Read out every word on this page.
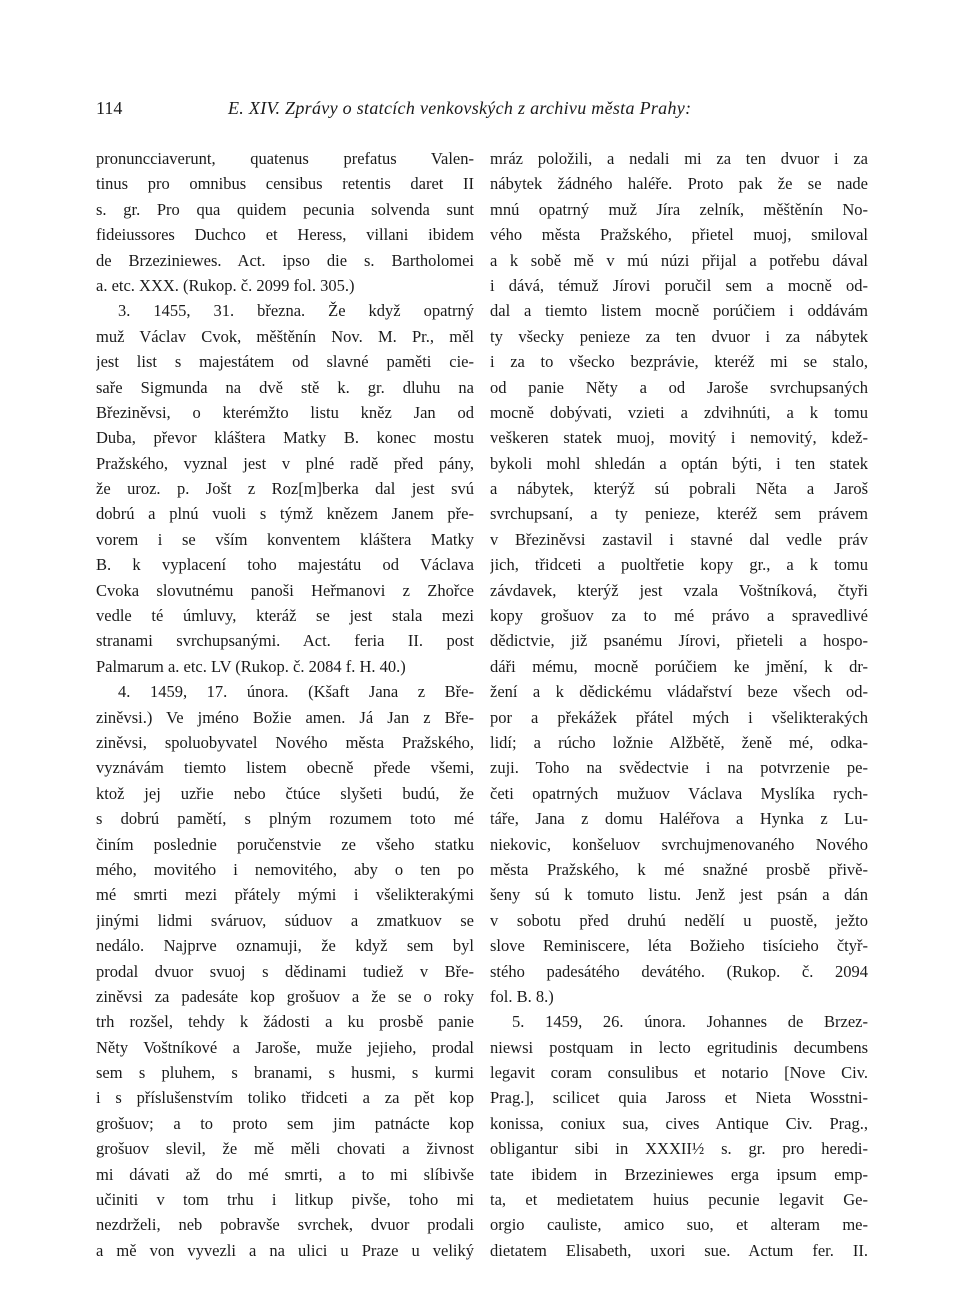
114	E. XIV. Zprávy o statcích venkovských z archivu města Prahy:
pronuncciaverunt, quatenus prefatus Valen-
tinus pro omnibus censibus retentis daret II
s. gr. Pro qua quidem pecunia solvenda sunt
fideiussores Duchco et Heress, villani ibidem
de Brzeziniewes. Act. ipso die s. Bartholomei
a. etc. XXX. (Rukop. č. 2099 fol. 305.)
3. 1455, 31. března. Že když opatrný
muž Václav Cvok, měštěnín Nov. M. Pr., měl
jest list s majestátem od slavné paměti cie-
saře Sigmunda na dvě stě k. gr. dluhu na
Březiněvsi, o kterémžto listu kněz Jan od
Duba, převor kláštera Matky B. konec mostu
Pražského, vyznal jest v plné radě před pány,
že uroz. p. Jošt z Roz[m]berka dal jest svú
dobrú a plnú vuoli s týmž knězem Janem pře-
vorem i se vším konventem kláštera Matky
B. k vyplacení toho majestátu od Václava
Cvoka slovutnému panoši Heřmanovi z Zhořce
vedle té úmluvy, kteráž se jest stala mezi
stranami svrchupsanými. Act. feria II. post
Palmarum a. etc. LV (Rukop. č. 2084 f. H. 40.)
4. 1459, 17. února. (Kšaft Jana z Bře-
ziněvsi.) Ve jméno Božie amen. Já Jan z Bře-
ziněvsi, spoluobyvatel Nového města Pražského,
vyznávám tiemto listem obecně přede všemi,
ktož jej uzřie nebo čtúce slyšeti budú, že
s dobrú pamětí, s plným rozumem toto mé
činím poslednie poručenstvie ze všeho statku
mého, movitého i nemovitého, aby o ten po
mé smrti mezi přátely mými i všelikterakými
jinými lidmi sváruov, súduov a zmatkuov se
nedálo. Najprve oznamuji, že když sem byl
prodal dvuor svuoj s dědinami tudiež v Bře-
ziněvsi za padesáte kop grošuov a že se o roky
trh rozšel, tehdy k žádosti a ku prosbě panie
Něty Voštníkové a Jaroše, muže jejieho, prodal
sem s pluhem, s branami, s husmi, s kurmi
i s příslušenstvím toliko třidceti a za pět kop
grošuov; a to proto sem jim patnácte kop
grošuov slevil, že mě měli chovati a živnost
mi dávati až do mé smrti, a to mi slíbivše
učiniti v tom trhu i litkup pivše, toho mi
nezdrželi, neb pobravše svrchek, dvuor prodali
a mě von vyvezli a na ulici u Praze u veliký
mráz položili, a nedali mi za ten dvuor i za
nábytek žádného haléře. Proto pak že se nade
mnú opatrný muž Jíra zelník, měštěnín No-
vého města Pražského, přietel muoj, smiloval
a k sobě mě v mú núzi přijal a potřebu dával
i dává, témuž Jírovi poručil sem a mocně od-
dal a tiemto listem mocně porúčiem i oddávám
ty všecky penieze za ten dvuor i za nábytek
i za to všecko bezprávie, kteréž mi se stalo,
od panie Něty a od Jaroše svrchupsaných
mocně dobývati, vzieti a zdvihnúti, a k tomu
veškeren statek muoj, movitý i nemovitý, kdež-
bykoli mohl shledán a optán býti, i ten statek
a nábytek, kterýž sú pobrali Něta a Jaroš
svrchupsaní, a ty penieze, kteréž sem právem
v Březiněvsi zastavil i stavné dal vedle práv
jich, třidceti a puoltřetie kopy gr., a k tomu
závdavek, kterýž jest vzala Voštníková, čtyři
kopy grošuov za to mé právo a spravedlivé
dědictvie, již psanému Jírovi, přieteli a hospo-
dáři mému, mocně porúčiem ke jmění, k dr-
žení a k dědickému vládařství beze všech od-
por a překážek přátel mých i všelikterakých
lidí; a rúcho ložnie Alžbětě, ženě mé, odka-
zuji. Toho na svědectvie i na potvrzenie pe-
četi opatrných mužuov Václava Myslíka rych-
táře, Jana z domu Haléřova a Hynka z Lu-
niekovic, konšeluov svrchujmenovaného Nového
města Pražského, k mé snažné prosbě přivě-
šeny sú k tomuto listu. Jenž jest psán a dán
v sobotu před druhú nedělí u puostě, ježto
slove Reminiscere, léta Božieho tisícieho čtyř-
stého padesátého devátého. (Rukop. č. 2094
fol. B. 8.)
5. 1459, 26. února. Johannes de Brzez-
niewsi postquam in lecto egritudinis decumbens
legavit coram consulibus et notario [Nove Civ.
Prag.], scilicet quia Jaross et Nieta Wosstni-
konissa, coniux sua, cives Antique Civ. Prag.,
obligantur sibi in XXXII½ s. gr. pro heredi-
tate ibidem in Brzeziniewes erga ipsum emp-
ta, et medietatem huius pecunie legavit Ge-
orgio cauliste, amico suo, et alteram me-
dietatem Elisabeth, uxori sue. Actum fer. II.
